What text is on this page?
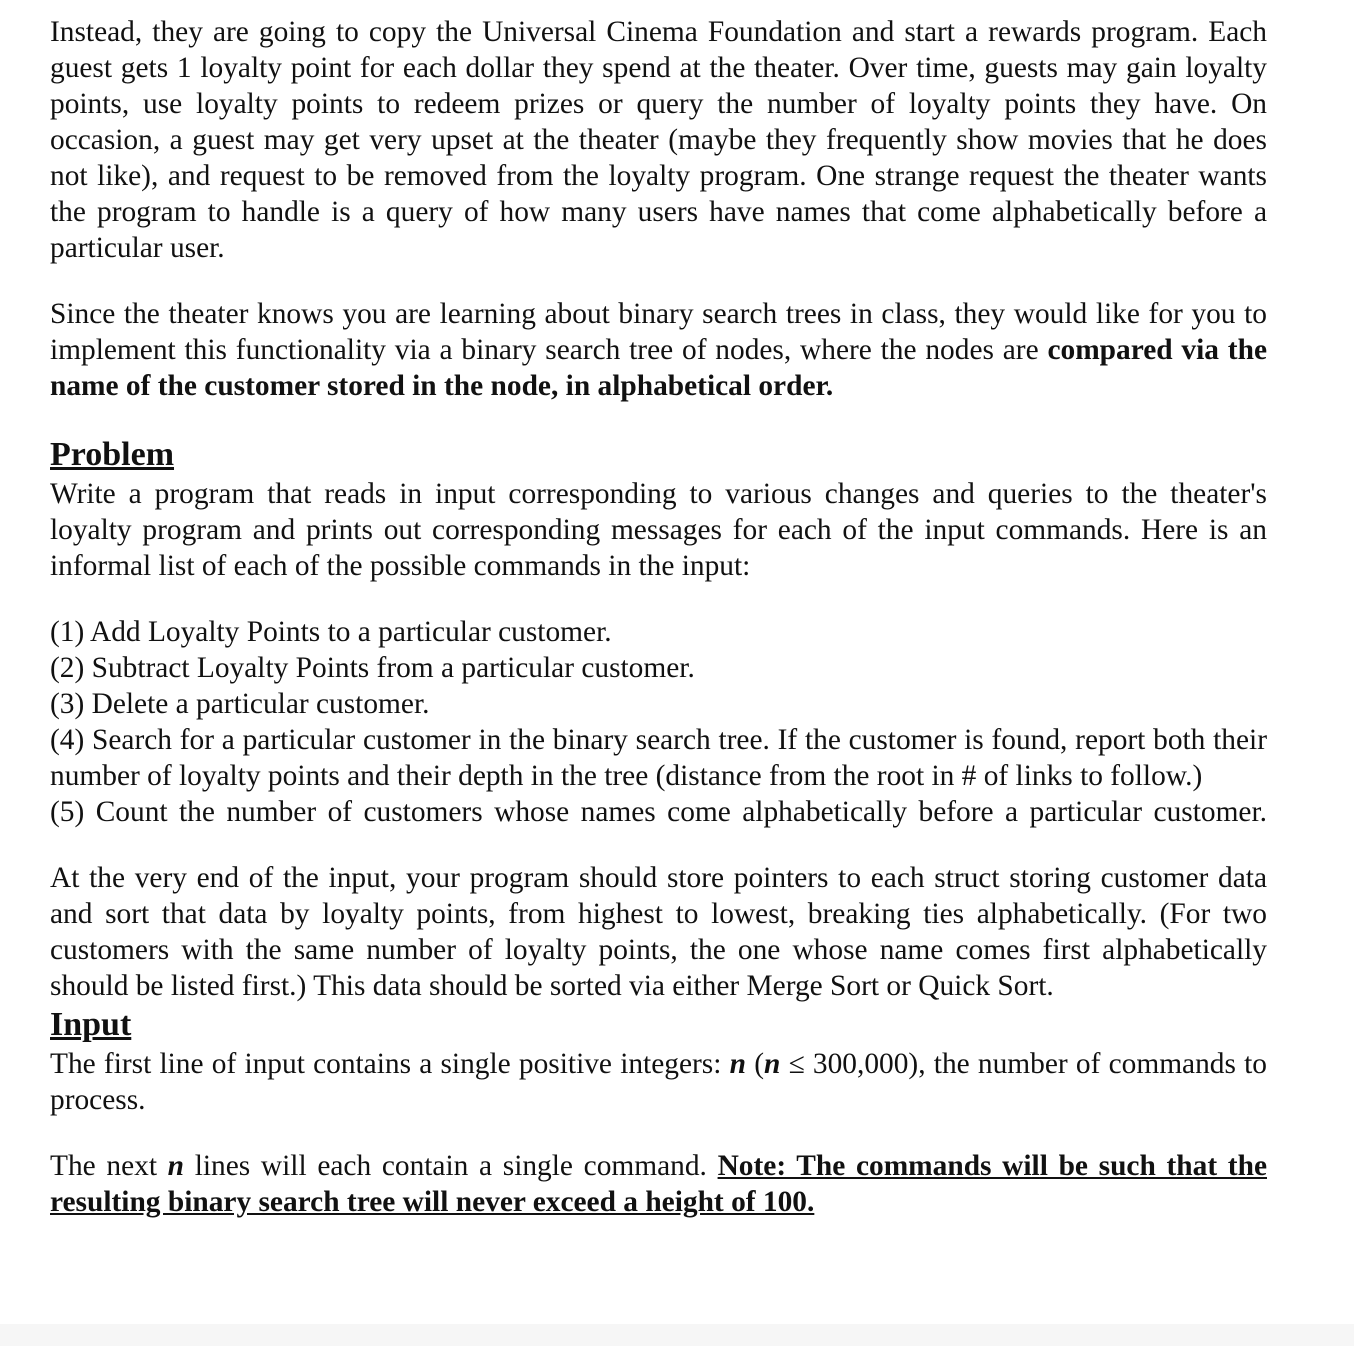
Instead, they are going to copy the Universal Cinema Foundation and start a rewards program. Each guest gets 1 loyalty point for each dollar they spend at the theater. Over time, guests may gain loyalty points, use loyalty points to redeem prizes or query the number of loyalty points they have. On occasion, a guest may get very upset at the theater (maybe they frequently show movies that he does not like), and request to be removed from the loyalty program. One strange request the theater wants the program to handle is a query of how many users have names that come alphabetically before a particular user.

Since the theater knows you are learning about binary search trees in class, they would like for you to implement this functionality via a binary search tree of nodes, where the nodes are compared via the name of the customer stored in the node, in alphabetical order.

Problem

Write a program that reads in input corresponding to various changes and queries to the theater's loyalty program and prints out corresponding messages for each of the input commands. Here is an informal list of each of the possible commands in the input:

(1) Add Loyalty Points to a particular customer.

(2) Subtract Loyalty Points from a particular customer.

(3) Delete a particular customer.

(4) Search for a particular customer in the binary search tree. If the customer is found, report both their number of loyalty points and their depth in the tree (distance from the root in # of links to follow.)

(5) Count the number of customers whose names come alphabetically before a particular customer.

At the very end of the input, your program should store pointers to each struct storing customer data and sort that data by loyalty points, from highest to lowest, breaking ties alphabetically. (For two customers with the same number of loyalty points, the one whose name comes first alphabetically should be listed first.) This data should be sorted via either Merge Sort or Quick Sort.

Input

The first line of input contains a single positive integers: n (n ≤ 300,000), the number of commands to process.

The next n lines will each contain a single command. Note: The commands will be such that the resulting binary search tree will never exceed a height of 100.
